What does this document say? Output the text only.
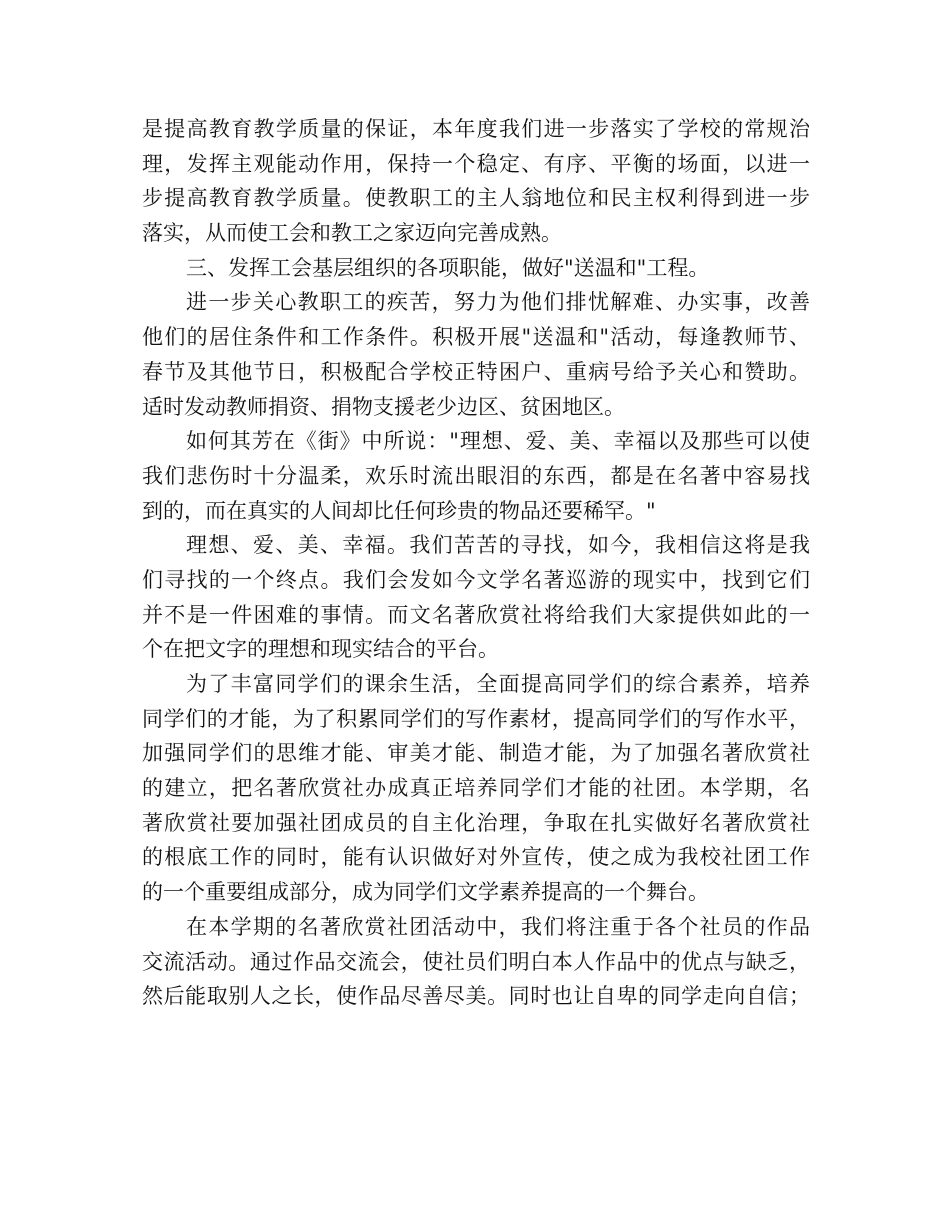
是提高教育教学质量的保证，本年度我们进一步落实了学校的常规治
理，发挥主观能动作用，保持一个稳定、有序、平衡的场面，以进一
步提高教育教学质量。使教职工的主人翁地位和民主权利得到进一步
落实，从而使工会和教工之家迈向完善成熟。
三、发挥工会基层组织的各项职能，做好"送温和"工程。
进一步关心教职工的疾苦，努力为他们排忧解难、办实事，改善
他们的居住条件和工作条件。积极开展"送温和"活动，每逢教师节、
春节及其他节日，积极配合学校正特困户、重病号给予关心和赞助。
适时发动教师捐资、捐物支援老少边区、贫困地区。
如何其芳在《街》中所说："理想、爱、美、幸福以及那些可以使
我们悲伤时十分温柔，欢乐时流出眼泪的东西，都是在名著中容易找
到的，而在真实的人间却比任何珍贵的物品还要稀罕。"
理想、爱、美、幸福。我们苦苦的寻找，如今，我相信这将是我
们寻找的一个终点。我们会发如今文学名著巡游的现实中，找到它们
并不是一件困难的事情。而文名著欣赏社将给我们大家提供如此的一
个在把文字的理想和现实结合的平台。
为了丰富同学们的课余生活，全面提高同学们的综合素养，培养
同学们的才能，为了积累同学们的写作素材，提高同学们的写作水平，
加强同学们的思维才能、审美才能、制造才能，为了加强名著欣赏社
的建立，把名著欣赏社办成真正培养同学们才能的社团。本学期，名
著欣赏社要加强社团成员的自主化治理，争取在扎实做好名著欣赏社
的根底工作的同时，能有认识做好对外宣传，使之成为我校社团工作
的一个重要组成部分，成为同学们文学素养提高的一个舞台。
在本学期的名著欣赏社团活动中，我们将注重于各个社员的作品
交流活动。通过作品交流会，使社员们明白本人作品中的优点与缺乏，
然后能取别人之长，使作品尽善尽美。同时也让自卑的同学走向自信；
